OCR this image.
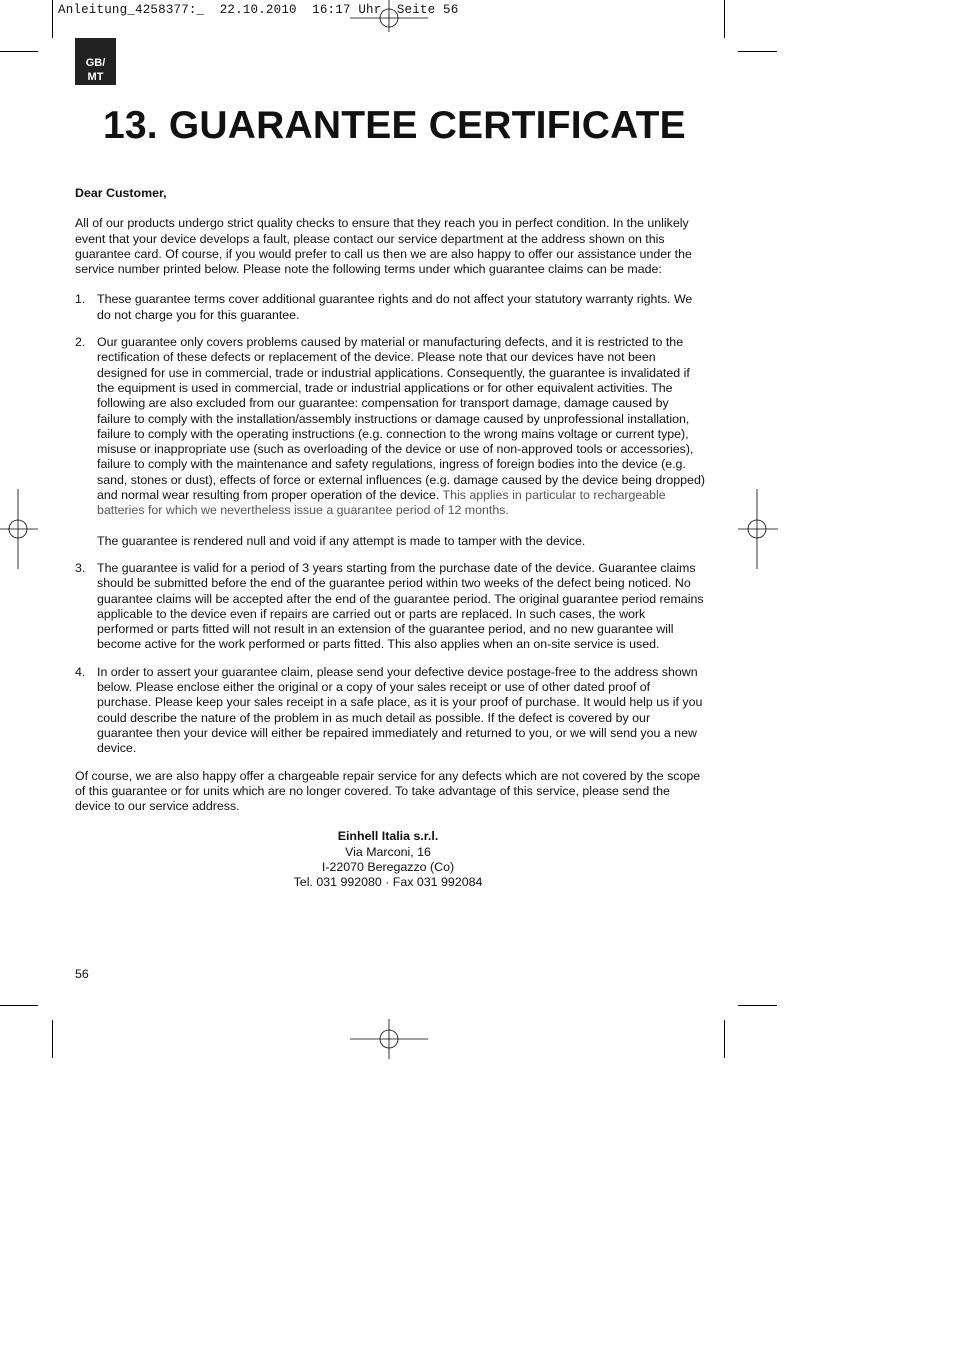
Anleitung_4258377:_  22.10.2010  16:17 Uhr  Seite 56
GB/
MT
13. GUARANTEE CERTIFICATE

Dear Customer,

All of our products undergo strict quality checks to ensure that they reach you in perfect condition. In the unlikely event that your device develops a fault, please contact our service department at the address shown on this guarantee card. Of course, if you would prefer to call us then we are also happy to offer our assistance under the service number printed below. Please note the following terms under which guarantee claims can be made:

1. These guarantee terms cover additional guarantee rights and do not affect your statutory warranty rights. We do not charge you for this guarantee.

2. Our guarantee only covers problems caused by material or manufacturing defects, and it is restricted to the rectification of these defects or replacement of the device. Please note that our devices have not been designed for use in commercial, trade or industrial applications. Consequently, the guarantee is invalidated if the equipment is used in commercial, trade or industrial applications or for other equivalent activities. The following are also excluded from our guarantee: compensation for transport damage, damage caused by failure to comply with the installation/assembly instructions or damage caused by unprofessional installation, failure to comply with the operating instructions (e.g. connection to the wrong mains voltage or current type), misuse or inappropriate use (such as overloading of the device or use of non-approved tools or accessories), failure to comply with the maintenance and safety regulations, ingress of foreign bodies into the device (e.g. sand, stones or dust), effects of force or external influences (e.g. damage caused by the device being dropped) and normal wear resulting from proper operation of the device. This applies in particular to rechargeable batteries for which we nevertheless issue a guarantee period of 12 months.

The guarantee is rendered null and void if any attempt is made to tamper with the device.

3. The guarantee is valid for a period of 3 years starting from the purchase date of the device. Guarantee claims should be submitted before the end of the guarantee period within two weeks of the defect being noticed. No guarantee claims will be accepted after the end of the guarantee period. The original guarantee period remains applicable to the device even if repairs are carried out or parts are replaced. In such cases, the work performed or parts fitted will not result in an extension of the guarantee period, and no new guarantee will become active for the work performed or parts fitted. This also applies when an on-site service is used.

4. In order to assert your guarantee claim, please send your defective device postage-free to the address shown below. Please enclose either the original or a copy of your sales receipt or use of other dated proof of purchase. Please keep your sales receipt in a safe place, as it is your proof of purchase. It would help us if you could describe the nature of the problem in as much detail as possible. If the defect is covered by our guarantee then your device will either be repaired immediately and returned to you, or we will send you a new device.

Of course, we are also happy offer a chargeable repair service for any defects which are not covered by the scope of this guarantee or for units which are no longer covered. To take advantage of this service, please send the device to our service address.

Einhell Italia s.r.l.
Via Marconi, 16
I-22070 Beregazzo (Co)
Tel. 031 992080 · Fax 031 992084
56
